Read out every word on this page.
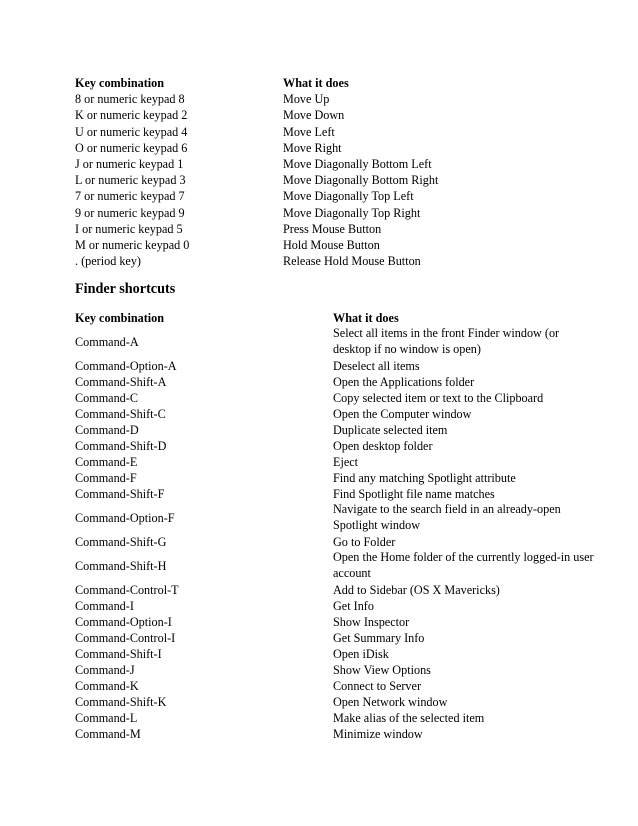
Key combination	What it does
8 or numeric keypad 8	Move Up
K or numeric keypad 2	Move Down
U or numeric keypad 4	Move Left
O or numeric keypad 6	Move Right
J or numeric keypad 1	Move Diagonally Bottom Left
L or numeric keypad 3	Move Diagonally Bottom Right
7 or numeric keypad 7	Move Diagonally Top Left
9 or numeric keypad 9	Move Diagonally Top Right
I or numeric keypad 5	Press Mouse Button
M or numeric keypad 0	Hold Mouse Button
. (period key)	Release Hold Mouse Button
Finder shortcuts
Key combination	What it does
Command-A	Select all items in the front Finder window (or desktop if no window is open)
Command-Option-A	Deselect all items
Command-Shift-A	Open the Applications folder
Command-C	Copy selected item or text to the Clipboard
Command-Shift-C	Open the Computer window
Command-D	Duplicate selected item
Command-Shift-D	Open desktop folder
Command-E	Eject
Command-F	Find any matching Spotlight attribute
Command-Shift-F	Find Spotlight file name matches
Command-Option-F	Navigate to the search field in an already-open Spotlight window
Command-Shift-G	Go to Folder
Command-Shift-H	Open the Home folder of the currently logged-in user account
Command-Control-T	Add to Sidebar (OS X Mavericks)
Command-I	Get Info
Command-Option-I	Show Inspector
Command-Control-I	Get Summary Info
Command-Shift-I	Open iDisk
Command-J	Show View Options
Command-K	Connect to Server
Command-Shift-K	Open Network window
Command-L	Make alias of the selected item
Command-M	Minimize window
